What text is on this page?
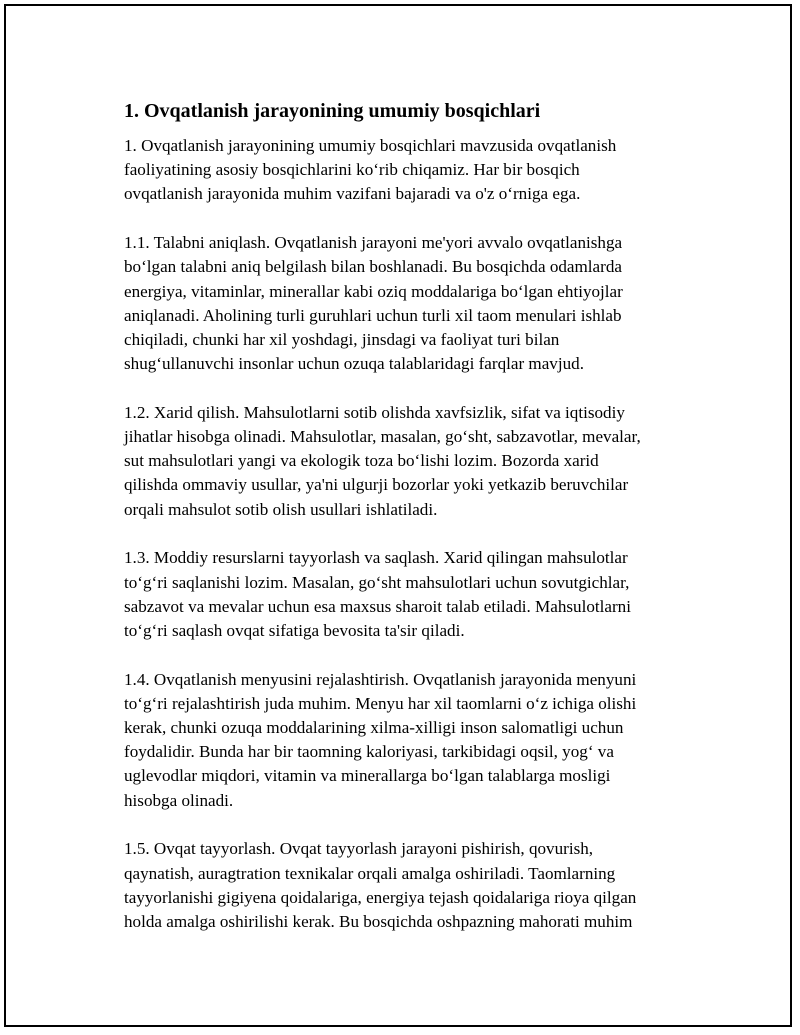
1. Ovqatlanish jarayonining umumiy bosqichlari

1. Ovqatlanish jarayonining umumiy bosqichlari mavzusida ovqatlanish
faoliyatining asosiy bosqichlarini ko‘rib chiqamiz. Har bir bosqich
ovqatlanish jarayonida muhim vazifani bajaradi va o'z o‘rniga ega.

1.1. Talabni aniqlash. Ovqatlanish jarayoni me'yori avvalo ovqatlanishga
bo‘lgan talabni aniq belgilash bilan boshlanadi. Bu bosqichda odamlarda
energiya, vitaminlar, minerallar kabi oziq moddalariga bo‘lgan ehtiyojlar
aniqlanadi. Aholining turli guruhlari uchun turli xil taom menulari ishlab
chiqiladi, chunki har xil yoshdagi, jinsdagi va faoliyat turi bilan
shug‘ullanuvchi insonlar uchun ozuqa talablaridagi farqlar mavjud.

1.2. Xarid qilish. Mahsulotlarni sotib olishda xavfsizlik, sifat va iqtisodiy
jihatlar hisobga olinadi. Mahsulotlar, masalan, go‘sht, sabzavotlar, mevalar,
sut mahsulotlari yangi va ekologik toza bo‘lishi lozim. Bozorda xarid
qilishda ommaviy usullar, ya'ni ulgurji bozorlar yoki yetkazib beruvchilar
orqali mahsulot sotib olish usullari ishlatiladi.

1.3. Moddiy resurslarni tayyorlash va saqlash. Xarid qilingan mahsulotlar
to‘g‘ri saqlanishi lozim. Masalan, go‘sht mahsulotlari uchun sovutgichlar,
sabzavot va mevalar uchun esa maxsus sharoit talab etiladi. Mahsulotlarni
to‘g‘ri saqlash ovqat sifatiga bevosita ta'sir qiladi.

1.4. Ovqatlanish menyusini rejalashtirish. Ovqatlanish jarayonida menyuni
to‘g‘ri rejalashtirish juda muhim. Menyu har xil taomlarni o‘z ichiga olishi
kerak, chunki ozuqa moddalarining xilma-xilligi inson salomatligi uchun
foydalidir. Bunda har bir taomning kaloriyasi, tarkibidagi oqsil, yog‘ va
uglevodlar miqdori, vitamin va minerallarga bo‘lgan talablarga mosligi
hisobga olinadi.

1.5. Ovqat tayyorlash. Ovqat tayyorlash jarayoni pishirish, qovurish,
qaynatish, auragtration texnikalar orqali amalga oshiriladi. Taomlarning
tayyorlanishi gigiyena qoidalariga, energiya tejash qoidalariga rioya qilgan
holda amalga oshirilishi kerak. Bu bosqichda oshpazning mahorati muhim
